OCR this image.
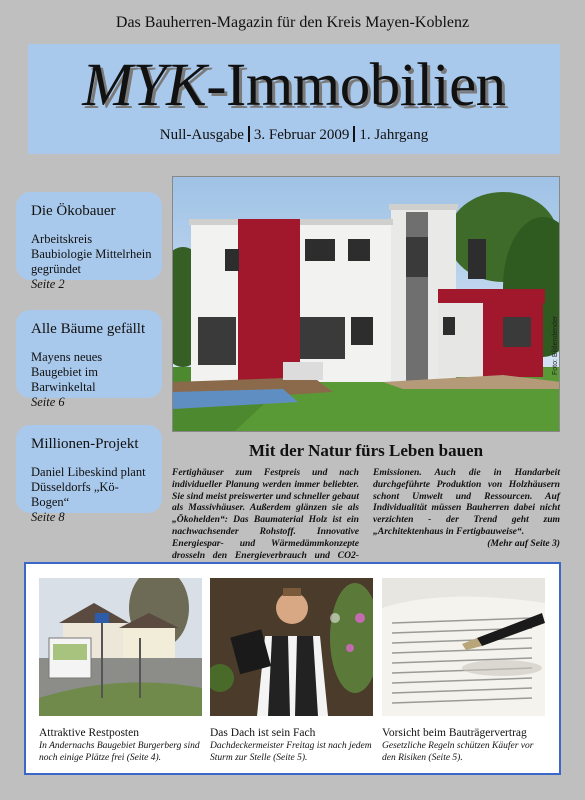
Das Bauherren-Magazin für den Kreis Mayen-Koblenz
MYK-Immobilien
Null-Ausgabe 3. Februar 2009 1. Jahrgang
Die Ökobauer
Arbeitskreis Baubiologie Mittelrhein gegründet
Seite 2
Alle Bäume gefällt
Mayens neues Baugebiet im Barwinkeltal
Seite 6
Millionen-Projekt
Daniel Libeskind plant Düsseldorfs „Kö-Bogen“
Seite 8
Foto: Bildendender
Mit der Natur fürs Leben bauen
Fertighäuser zum Festpreis und nach individueller Planung werden immer beliebter. Sie sind meist preiswerter und schneller gebaut als Massivhäuser. Außerdem glänzen sie als „Ökohelden“: Das Baumaterial Holz ist ein nachwachsender Rohstoff. Innovative Energiespar- und Wärmedämmkonzepte drosseln den Energieverbrauch und CO2-Emissionen. Auch die in Handarbeit durchgeführte Produktion von Holzhäusern schont Umwelt und Ressourcen. Auf Individualität müssen Bauherren dabei nicht verzichten - der Trend geht zum „Architektenhaus in Fertigbauweise“.
(Mehr auf Seite 3)
Attraktive Restposten
In Andernachs Baugebiet Burgerberg sind noch einige Plätze frei (Seite 4).
Das Dach ist sein Fach
Dachdeckermeister Freitag ist nach jedem Sturm zur Stelle (Seite 5).
Vorsicht beim Bauträgervertrag
Gesetzliche Regeln schützen Käufer vor den Risiken (Seite 5).
